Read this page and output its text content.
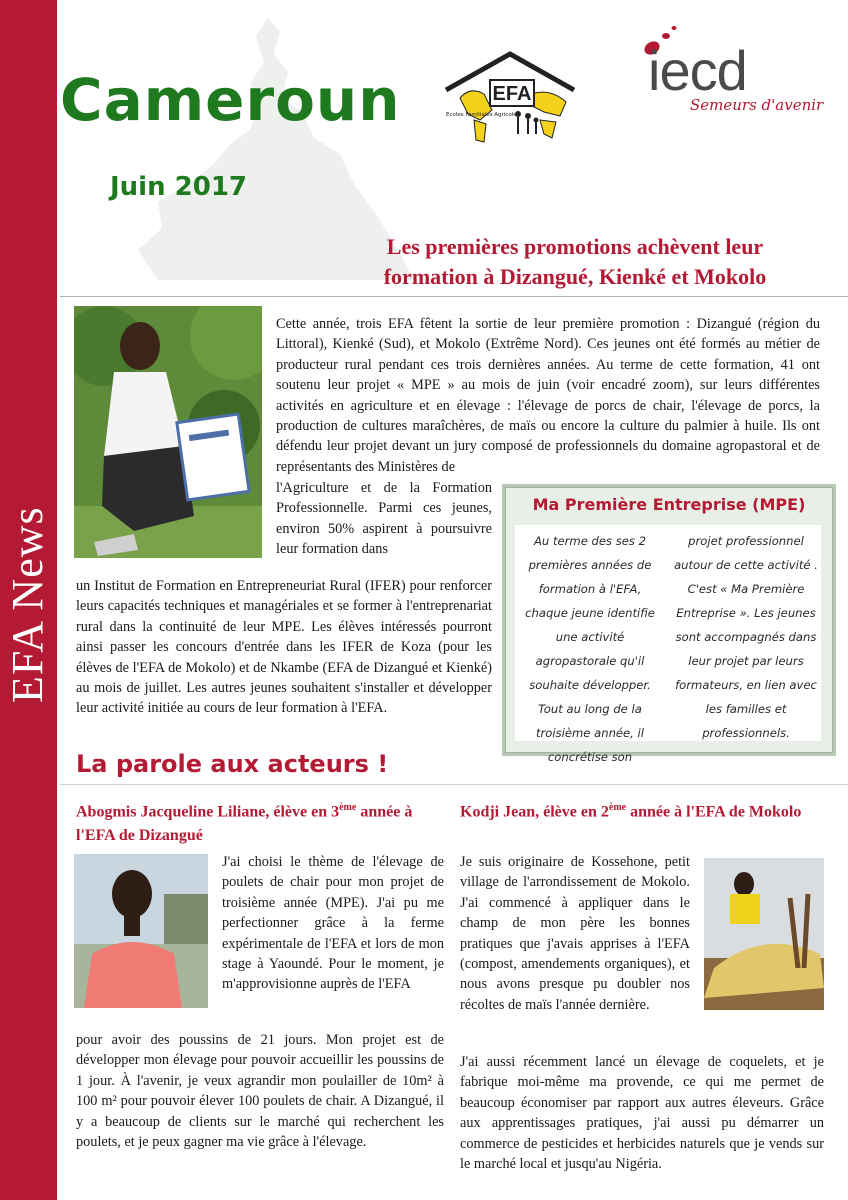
EFA News
Cameroun
Juin 2017
EFA
Ecoles Familiales Agricoles
iecd
Semeurs d'avenir
Les premières promotions achèvent leur
formation à Dizangué, Kienké et Mokolo
Cette année, trois EFA fêtent la sortie de leur première promotion : Dizangué (région du Littoral), Kienké (Sud), et Mokolo (Extrême Nord). Ces jeunes ont été formés au métier de producteur rural pendant ces trois dernières années. Au terme de cette formation, 41 ont soutenu leur projet « MPE » au mois de juin (voir encadré zoom), sur leurs différentes activités en agriculture et en élevage : l'élevage de porcs de chair, l'élevage de porcs, la production de cultures maraîchères, de maïs ou encore la culture du palmier à huile. Ils ont défendu leur projet devant un jury composé de professionnels du domaine agropastoral et de représentants des Ministères de
l'Agriculture et de la Formation Professionnelle. Parmi ces jeunes, environ 50% aspirent à poursuivre leur formation dans
un Institut de Formation en Entrepreneuriat Rural (IFER) pour renforcer leurs capacités techniques et managériales et se former à l'entreprenariat rural dans la continuité de leur MPE. Les élèves intéressés pourront ainsi passer les concours d'entrée dans les IFER de Koza (pour les élèves de l'EFA de Mokolo) et de Nkambe (EFA de Dizangué et Kienké) au mois de juillet. Les autres jeunes souhaitent s'installer et développer leur activité initiée au cours de leur formation à l'EFA.
Ma Première Entreprise (MPE)
Au terme des ses 2 premières années de formation à l'EFA, chaque jeune identifie une activité agropastorale qu'il souhaite développer. Tout au long de la troisième année, il concrétise son
projet professionnel autour de cette activité . C'est « Ma Première Entreprise ». Les jeunes sont accompagnés dans leur projet par leurs formateurs, en lien avec les familles et professionnels.
La parole aux acteurs !
Abogmis Jacqueline Liliane, élève en 3ème année à l'EFA de Dizangué
J'ai choisi le thème de l'élevage de poulets de chair pour mon projet de troisième année (MPE). J'ai pu me perfectionner grâce à la ferme expérimentale de l'EFA et lors de mon stage à Yaoundé. Pour le moment, je m'approvisionne auprès de l'EFA
pour avoir des poussins de 21 jours. Mon projet est de développer mon élevage pour pouvoir accueillir les poussins de 1 jour. À l'avenir, je veux agrandir mon poulailler de 10m² à 100 m² pour pouvoir élever 100 poulets de chair. A Dizangué, il y a beaucoup de clients sur le marché qui recherchent les poulets, et je peux gagner ma vie grâce à l'élevage.
Kodji Jean, élève en 2ème année à l'EFA de Mokolo
Je suis originaire de Kossehone, petit village de l'arrondissement de Mokolo. J'ai commencé à appliquer dans le champ de mon père les bonnes pratiques que j'avais apprises à l'EFA (compost, amendements organiques), et nous avons presque pu doubler nos récoltes de maïs l'année dernière.
J'ai aussi récemment lancé un élevage de coquelets, et je fabrique moi-même ma provende, ce qui me permet de beaucoup économiser par rapport aux autres éleveurs. Grâce aux apprentissages pratiques, j'ai aussi pu démarrer un commerce de pesticides et herbicides naturels que je vends sur le marché local et jusqu'au Nigéria.
